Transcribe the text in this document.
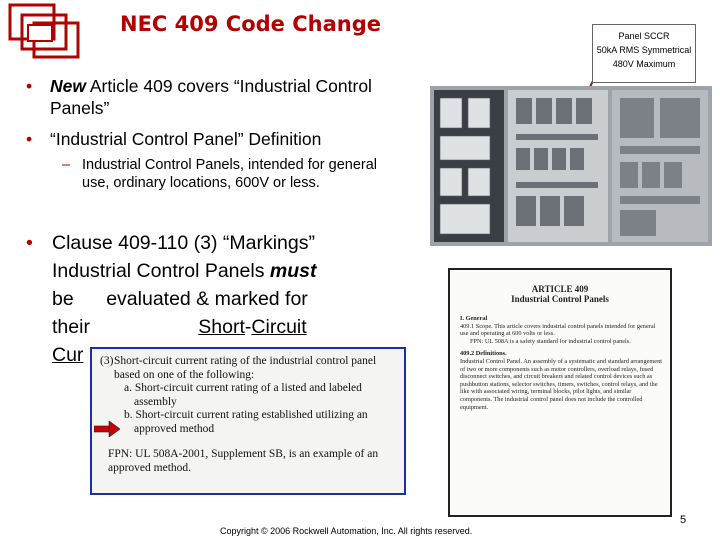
NEC 409 Code Change	Panel SCCR
50kA RMS Symmetrical
480V Maximum
• New Article 409 covers “Industrial Control Panels”
• “Industrial Control Panel” Definition
– Industrial Control Panels, intended for general use, ordinary locations, 600V or less.
• Clause 409-110 (3) “Markings”
Industrial Control Panels must
be      evaluated & marked for
their                    Short-Circuit
Cur
ARTICLE 409
Industrial Control Panels
I. General
409.1 Scope. This article covers industrial control panels intended for general use and operating at 600 volts or less.
FPN: UL 508A is a safety standard for industrial control panels.
409.2 Definitions.
Industrial Control Panel. An assembly of a systematic and standard arrangement of two or more components such as motor controllers, overload relays, fused disconnect switches, and circuit breakers and related control devices such as pushbutton stations, selector switches, timers, switches, control relays, and the like with associated wiring, terminal blocks, pilot lights, and similar components. The industrial control panel does not include the controlled equipment.
(3) Short-circuit current rating of the industrial control panel based on one of the following:
a. Short-circuit current rating of a listed and labeled assembly
b. Short-circuit current rating established utilizing an approved method
FPN: UL 508A-2001, Supplement SB, is an example of an approved method.
Copyright © 2006 Rockwell Automation, Inc. All rights reserved.
5
